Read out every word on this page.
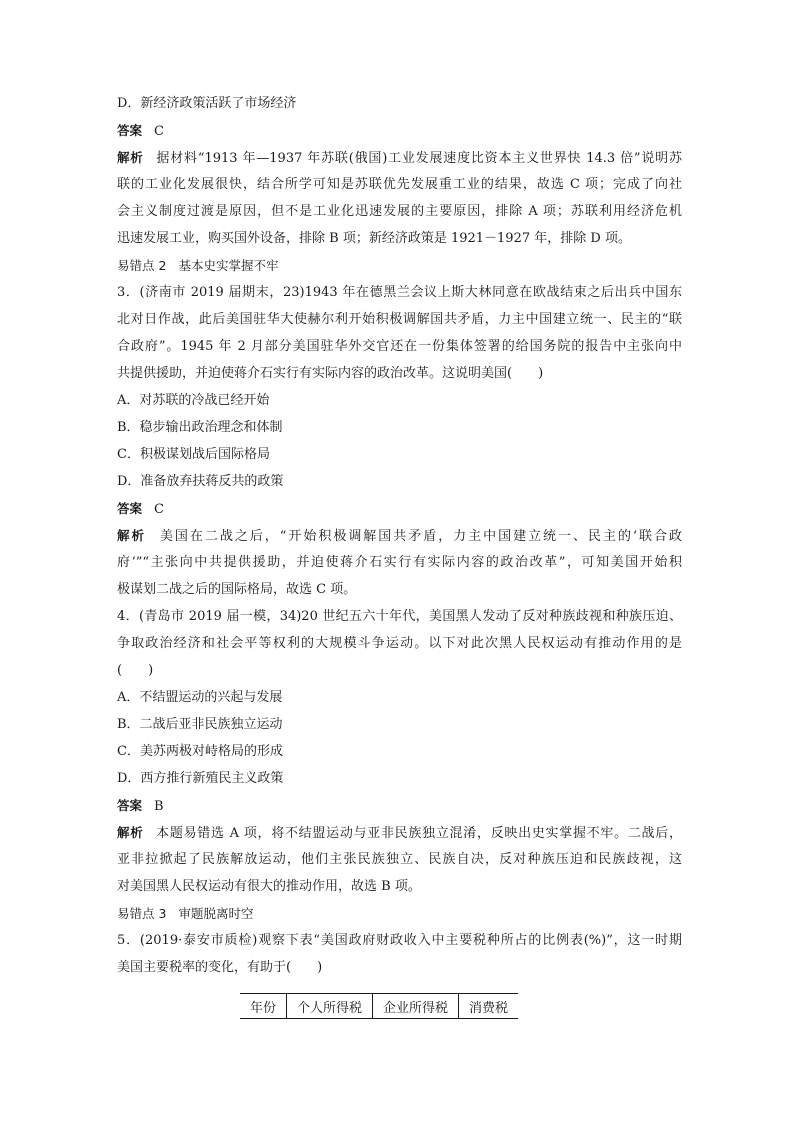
D．新经济政策活跃了市场经济
答案 C
解析 据材料“1913 年—1937 年苏联(俄国)工业发展速度比资本主义世界快 14.3 倍”说明苏
联的工业化发展很快，结合所学可知是苏联优先发展重工业的结果，故选 C 项；完成了向社
会主义制度过渡是原因，但不是工业化迅速发展的主要原因，排除 A 项；苏联利用经济危机
迅速发展工业，购买国外设备，排除 B 项；新经济政策是 1921－1927 年，排除 D 项。
易错点 2 基本史实掌握不牢
3．(济南市 2019 届期末，23)1943 年在德黑兰会议上斯大林同意在欧战结束之后出兵中国东
北对日作战，此后美国驻华大使赫尔利开始积极调解国共矛盾，力主中国建立统一、民主的“联
合政府”。1945 年 2 月部分美国驻华外交官还在一份集体签署的给国务院的报告中主张向中
共提供援助，并迫使蒋介石实行有实际内容的政治改革。这说明美国(　　)
A．对苏联的冷战已经开始
B．稳步输出政治理念和体制
C．积极谋划战后国际格局
D．准备放弃扶蒋反共的政策
答案 C
解析 美国在二战之后，“开始积极调解国共矛盾，力主中国建立统一、民主的‘联合政
府’”“主张向中共提供援助，并迫使蒋介石实行有实际内容的政治改革”，可知美国开始积
极谋划二战之后的国际格局，故选 C 项。
4．(青岛市 2019 届一模，34)20 世纪五六十年代，美国黑人发动了反对种族歧视和种族压迫、
争取政治经济和社会平等权利的大规模斗争运动。以下对此次黑人民权运动有推动作用的是
(　　)
A．不结盟运动的兴起与发展
B．二战后亚非民族独立运动
C．美苏两极对峙格局的形成
D．西方推行新殖民主义政策
答案 B
解析 本题易错选 A 项，将不结盟运动与亚非民族独立混淆，反映出史实掌握不牢。二战后，
亚非拉掀起了民族解放运动，他们主张民族独立、民族自决，反对种族压迫和民族歧视，这
对美国黑人民权运动有很大的推动作用，故选 B 项。
易错点 3 审题脱离时空
5．(2019·泰安市质检)观察下表“美国政府财政收入中主要税种所占的比例表(%)”，这一时期
美国主要税率的变化，有助于(　　)
年份	个人所得税	企业所得税	消费税
